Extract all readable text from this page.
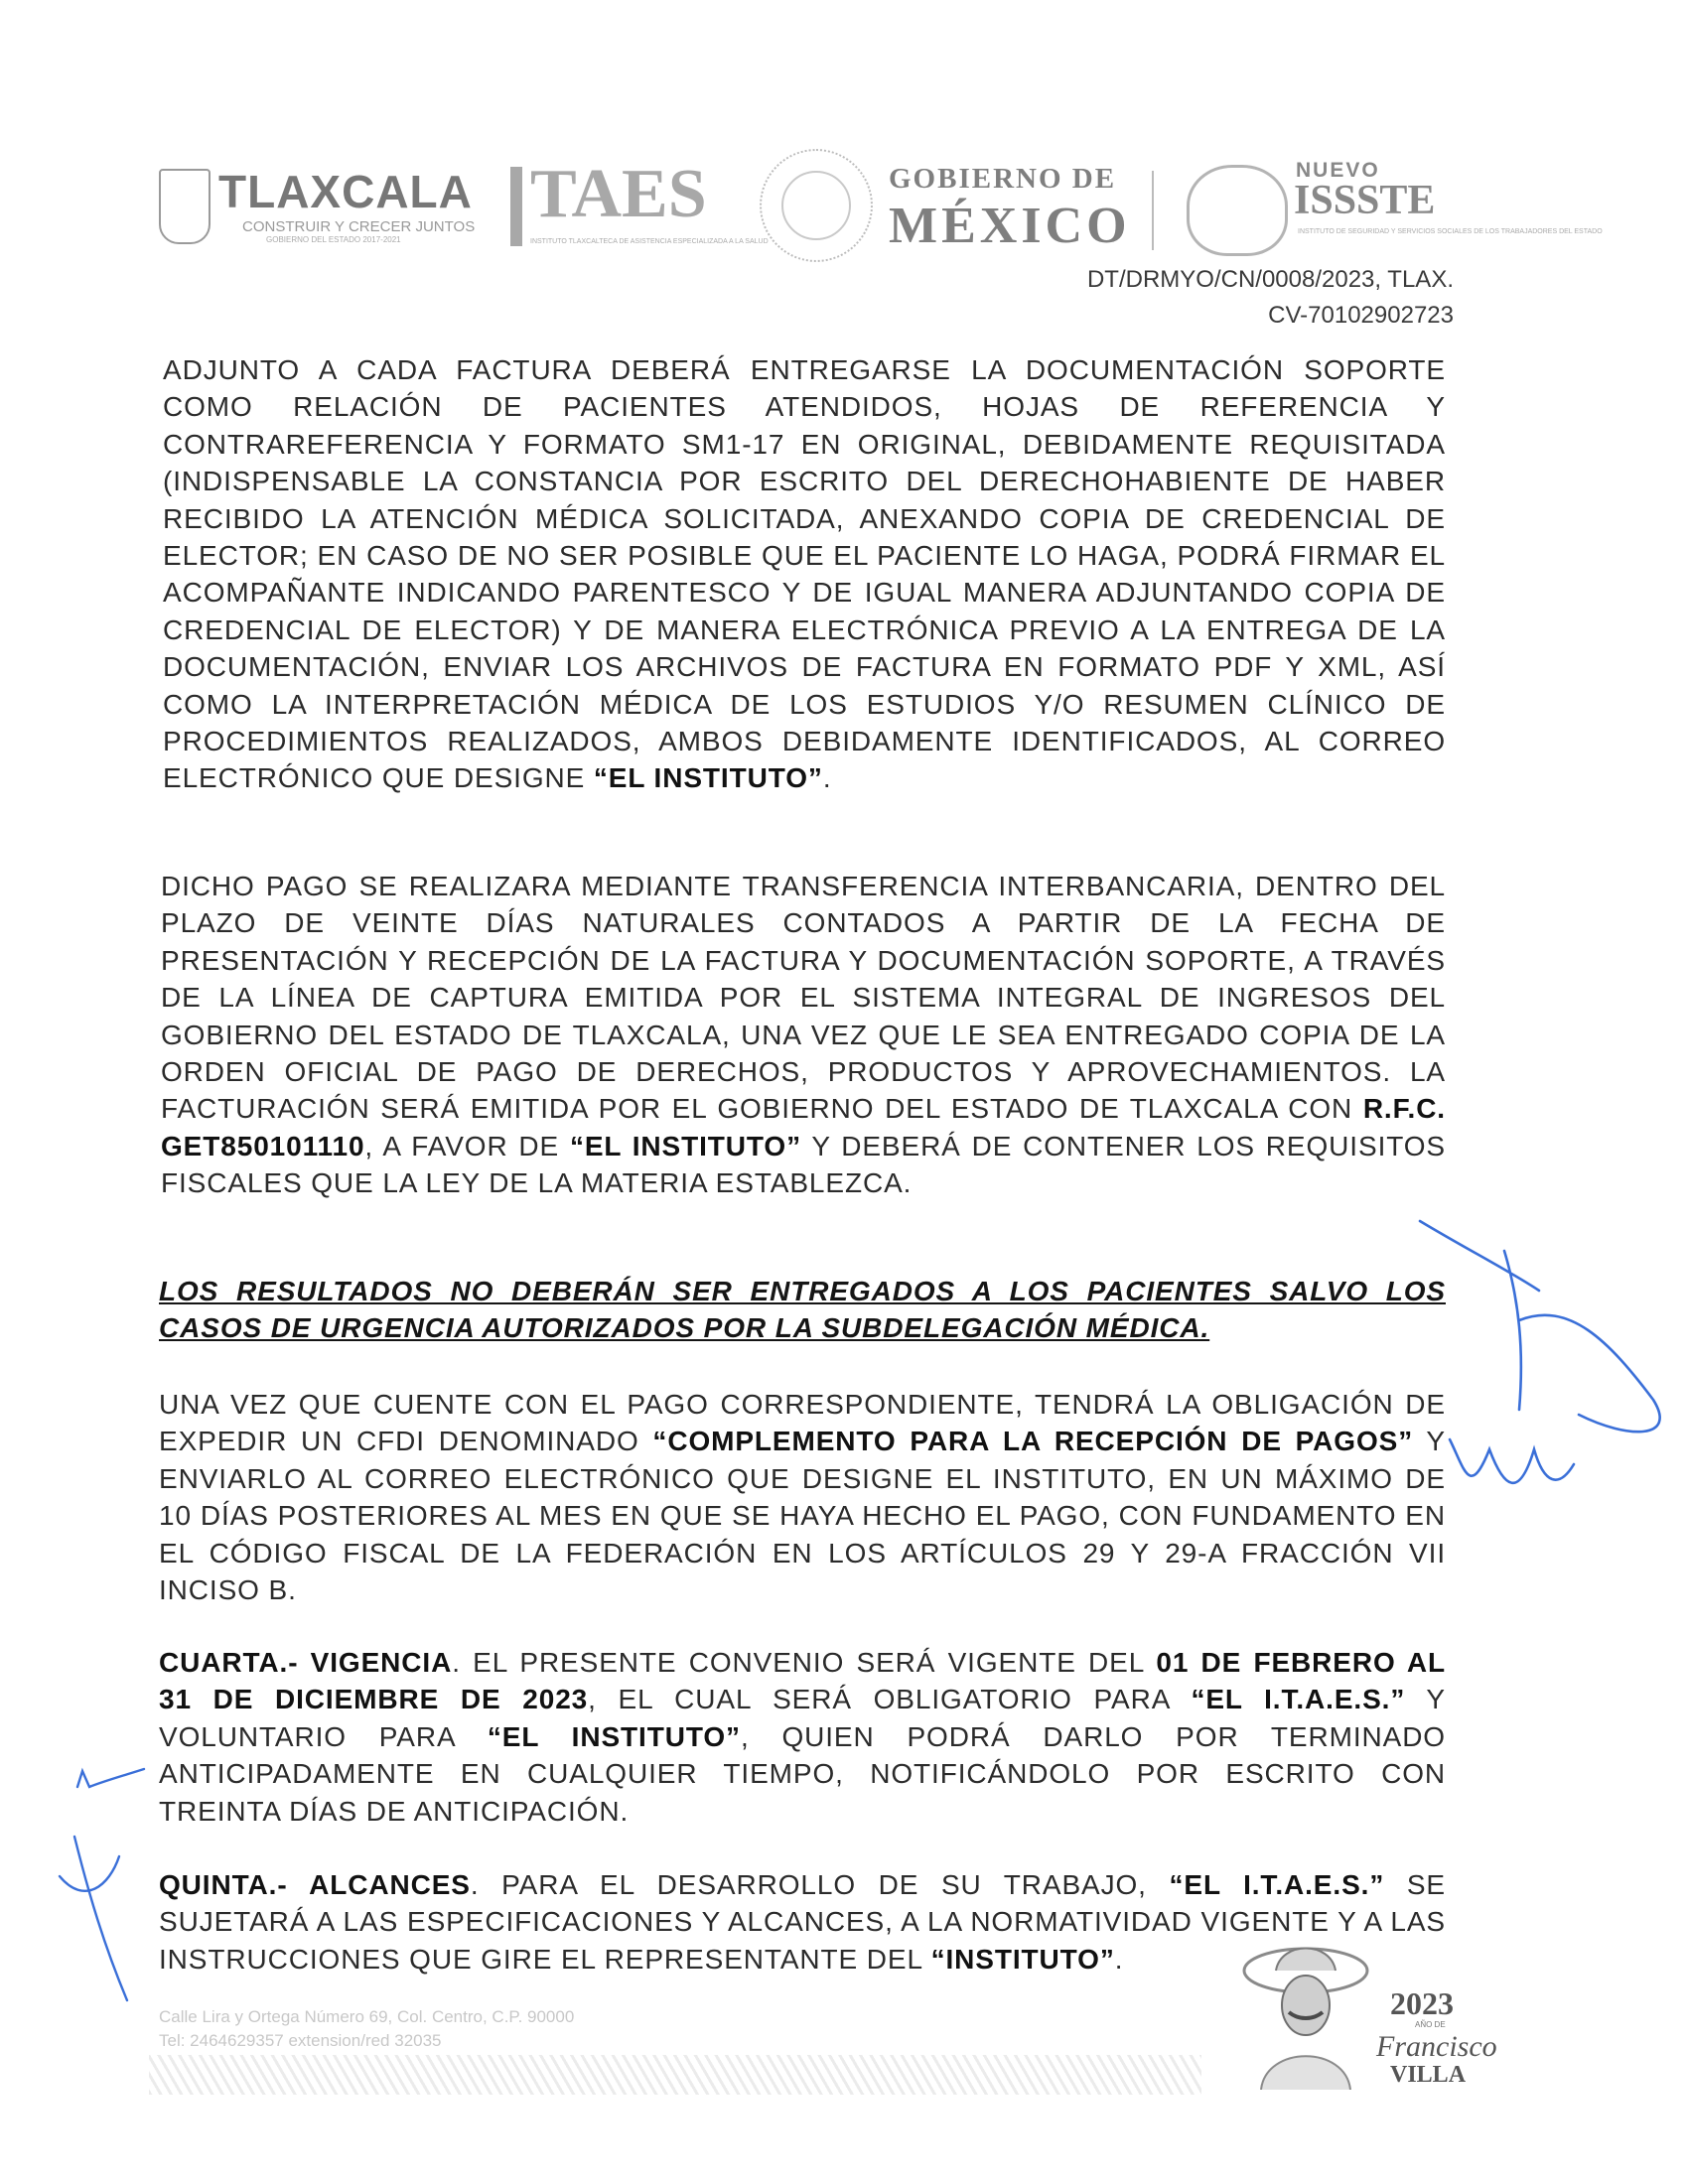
TLAXCALA
CONSTRUIR Y CRECER JUNTOS
GOBIERNO DEL ESTADO 2017-2021
TAES
INSTITUTO TLAXCALTECA DE ASISTENCIA ESPECIALIZADA A LA SALUD
GOBIERNO DE
MÉXICO
NUEVO
ISSSTE
INSTITUTO DE SEGURIDAD Y SERVICIOS SOCIALES DE LOS TRABAJADORES DEL ESTADO
DT/DRMYO/CN/0008/2023, TLAX.
CV-70102902723
ADJUNTO A CADA FACTURA DEBERÁ ENTREGARSE LA DOCUMENTACIÓN SOPORTE COMO RELACIÓN DE PACIENTES ATENDIDOS, HOJAS DE REFERENCIA Y CONTRAREFERENCIA Y FORMATO SM1-17 EN ORIGINAL, DEBIDAMENTE REQUISITADA (INDISPENSABLE LA CONSTANCIA POR ESCRITO DEL DERECHOHABIENTE DE HABER RECIBIDO LA ATENCIÓN MÉDICA SOLICITADA, ANEXANDO COPIA DE CREDENCIAL DE ELECTOR; EN CASO DE NO SER POSIBLE QUE EL PACIENTE LO HAGA, PODRÁ FIRMAR EL ACOMPAÑANTE INDICANDO PARENTESCO Y DE IGUAL MANERA ADJUNTANDO COPIA DE CREDENCIAL DE ELECTOR) Y DE MANERA ELECTRÓNICA PREVIO A LA ENTREGA DE LA DOCUMENTACIÓN, ENVIAR LOS ARCHIVOS DE FACTURA EN FORMATO PDF Y XML, ASÍ COMO LA INTERPRETACIÓN MÉDICA DE LOS ESTUDIOS Y/O RESUMEN CLÍNICO DE PROCEDIMIENTOS REALIZADOS, AMBOS DEBIDAMENTE IDENTIFICADOS, AL CORREO ELECTRÓNICO QUE DESIGNE “EL INSTITUTO”.
DICHO PAGO SE REALIZARA MEDIANTE TRANSFERENCIA INTERBANCARIA, DENTRO DEL PLAZO DE VEINTE DÍAS NATURALES CONTADOS A PARTIR DE LA FECHA DE PRESENTACIÓN Y RECEPCIÓN DE LA FACTURA Y DOCUMENTACIÓN SOPORTE, A TRAVÉS DE LA LÍNEA DE CAPTURA EMITIDA POR EL SISTEMA INTEGRAL DE INGRESOS DEL GOBIERNO DEL ESTADO DE TLAXCALA, UNA VEZ QUE LE SEA ENTREGADO COPIA DE LA ORDEN OFICIAL DE PAGO DE DERECHOS, PRODUCTOS Y APROVECHAMIENTOS. LA FACTURACIÓN SERÁ EMITIDA POR EL GOBIERNO DEL ESTADO DE TLAXCALA CON R.F.C. GET850101110, A FAVOR DE “EL INSTITUTO” Y DEBERÁ DE CONTENER LOS REQUISITOS FISCALES QUE LA LEY DE LA MATERIA ESTABLEZCA.
LOS RESULTADOS NO DEBERÁN SER ENTREGADOS A LOS PACIENTES SALVO LOS CASOS DE URGENCIA AUTORIZADOS POR LA SUBDELEGACIÓN MÉDICA.
UNA VEZ QUE CUENTE CON EL PAGO CORRESPONDIENTE, TENDRÁ LA OBLIGACIÓN DE EXPEDIR UN CFDI DENOMINADO “COMPLEMENTO PARA LA RECEPCIÓN DE PAGOS” Y ENVIARLO AL CORREO ELECTRÓNICO QUE DESIGNE EL INSTITUTO, EN UN MÁXIMO DE 10 DÍAS POSTERIORES AL MES EN QUE SE HAYA HECHO EL PAGO, CON FUNDAMENTO EN EL CÓDIGO FISCAL DE LA FEDERACIÓN EN LOS ARTÍCULOS 29 Y 29-A FRACCIÓN VII INCISO B.
CUARTA.- VIGENCIA. EL PRESENTE CONVENIO SERÁ VIGENTE DEL 01 DE FEBRERO AL 31 DE DICIEMBRE DE 2023, EL CUAL SERÁ OBLIGATORIO PARA “EL I.T.A.E.S.” Y VOLUNTARIO PARA “EL INSTITUTO”, QUIEN PODRÁ DARLO POR TERMINADO ANTICIPADAMENTE EN CUALQUIER TIEMPO, NOTIFICÁNDOLO POR ESCRITO CON TREINTA DÍAS DE ANTICIPACIÓN.
QUINTA.- ALCANCES. PARA EL DESARROLLO DE SU TRABAJO, “EL I.T.A.E.S.” SE SUJETARÁ A LAS ESPECIFICACIONES Y ALCANCES, A LA NORMATIVIDAD VIGENTE Y A LAS INSTRUCCIONES QUE GIRE EL REPRESENTANTE DEL “INSTITUTO”.
Calle Lira y Ortega Número 69, Col. Centro, C.P. 90000
Tel: 2464629357 extension/red 32035
2023
AÑO DE
Francisco
VILLA
